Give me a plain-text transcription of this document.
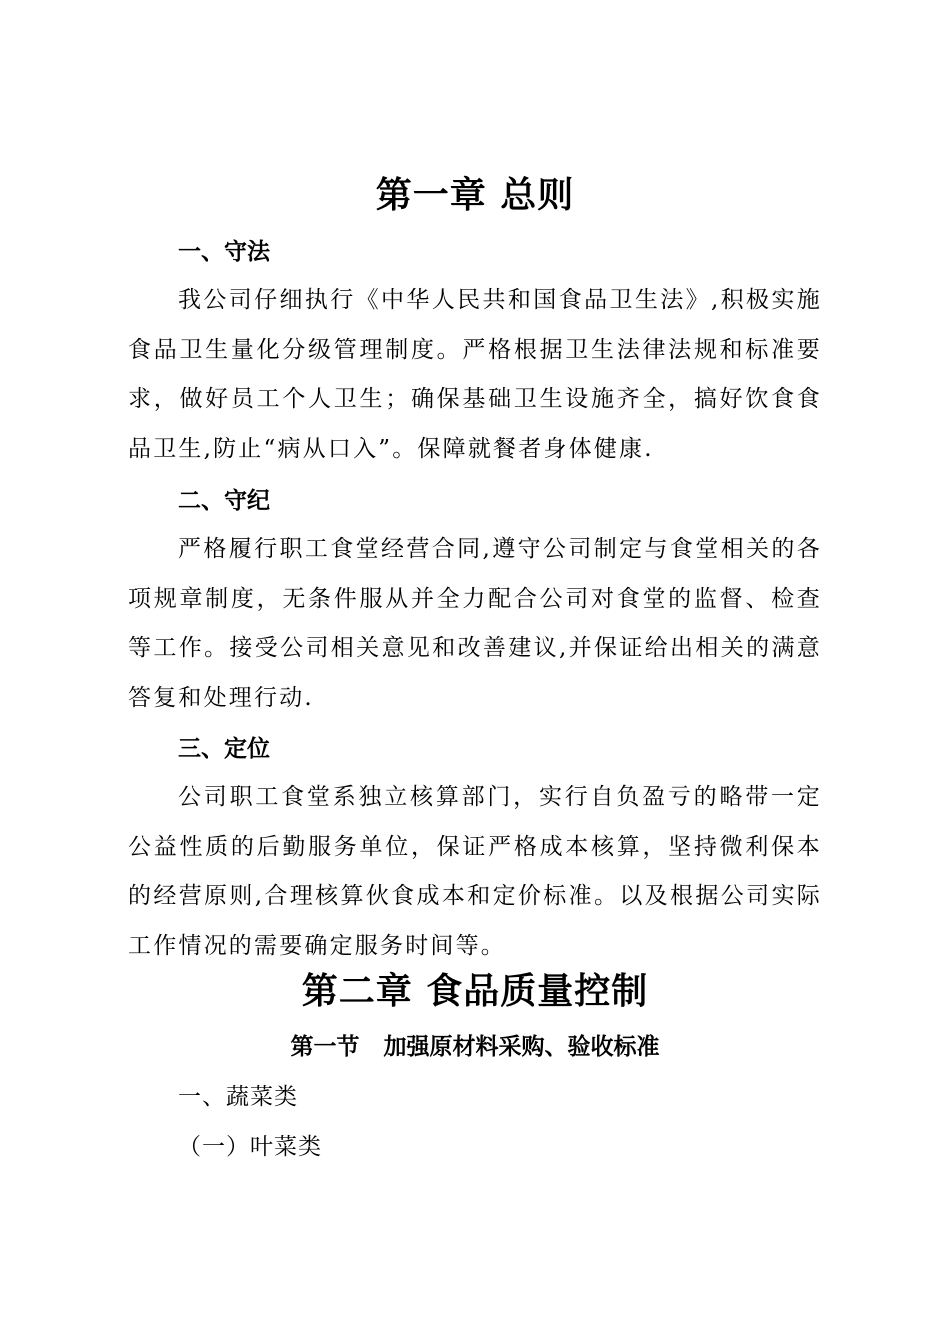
第一章 总则
一、守法

我公司仔细执行《中华人民共和国食品卫生法》,积极实施食品卫生量化分级管理制度。严格根据卫生法律法规和标准要求，做好员工个人卫生；确保基础卫生设施齐全，搞好饮食食品卫生,防止“病从口入”。保障就餐者身体健康.

二、守纪

严格履行职工食堂经营合同,遵守公司制定与食堂相关的各项规章制度，无条件服从并全力配合公司对食堂的监督、检查等工作。接受公司相关意见和改善建议,并保证给出相关的满意答复和处理行动.

三、定位

公司职工食堂系独立核算部门，实行自负盈亏的略带一定公益性质的后勤服务单位，保证严格成本核算，坚持微利保本的经营原则,合理核算伙食成本和定价标准。以及根据公司实际工作情况的需要确定服务时间等。

第二章 食品质量控制
第一节   加强原材料采购、验收标准
一、蔬菜类
（一）叶菜类
